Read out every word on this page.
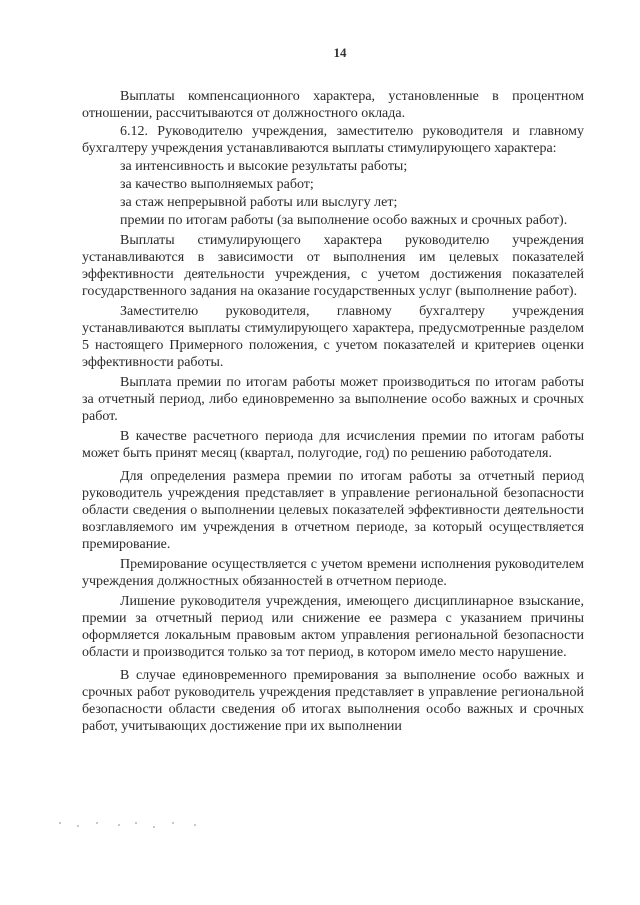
14

Выплаты компенсационного характера, установленные в процентном отношении, рассчитываются от должностного оклада.

6.12. Руководителю учреждения, заместителю руководителя и главному бухгалтеру учреждения устанавливаются выплаты стимулирующего характера:

за интенсивность и высокие результаты работы;

за качество выполняемых работ;

за стаж непрерывной работы или выслугу лет;

премии по итогам работы (за выполнение особо важных и срочных работ).

Выплаты стимулирующего характера руководителю учреждения устанавливаются в зависимости от выполнения им целевых показателей эффективности деятельности учреждения, с учетом достижения показателей государственного задания на оказание государственных услуг (выполнение работ).

Заместителю руководителя, главному бухгалтеру учреждения устанавливаются выплаты стимулирующего характера, предусмотренные разделом 5 настоящего Примерного положения, с учетом показателей и критериев оценки эффективности работы.

Выплата премии по итогам работы может производиться по итогам работы за отчетный период, либо единовременно за выполнение особо важных и срочных работ.

В качестве расчетного периода для исчисления премии по итогам работы может быть принят месяц (квартал, полугодие, год) по решению работодателя.

Для определения размера премии по итогам работы за отчетный период руководитель учреждения представляет в управление региональной безопасности области сведения о выполнении целевых показателей эффективности деятельности возглавляемого им учреждения в отчетном периоде, за который осуществляется премирование.

Премирование осуществляется с учетом времени исполнения руководителем учреждения должностных обязанностей в отчетном периоде.

Лишение руководителя учреждения, имеющего дисциплинарное взыскание, премии за отчетный период или снижение ее размера с указанием причины оформляется локальным правовым актом управления региональной безопасности области и производится только за тот период, в котором имело место нарушение.

В случае единовременного премирования за выполнение особо важных и срочных работ руководитель учреждения представляет в управление региональной безопасности области сведения об итогах выполнения особо важных и срочных работ, учитывающих достижение при их выполнении
